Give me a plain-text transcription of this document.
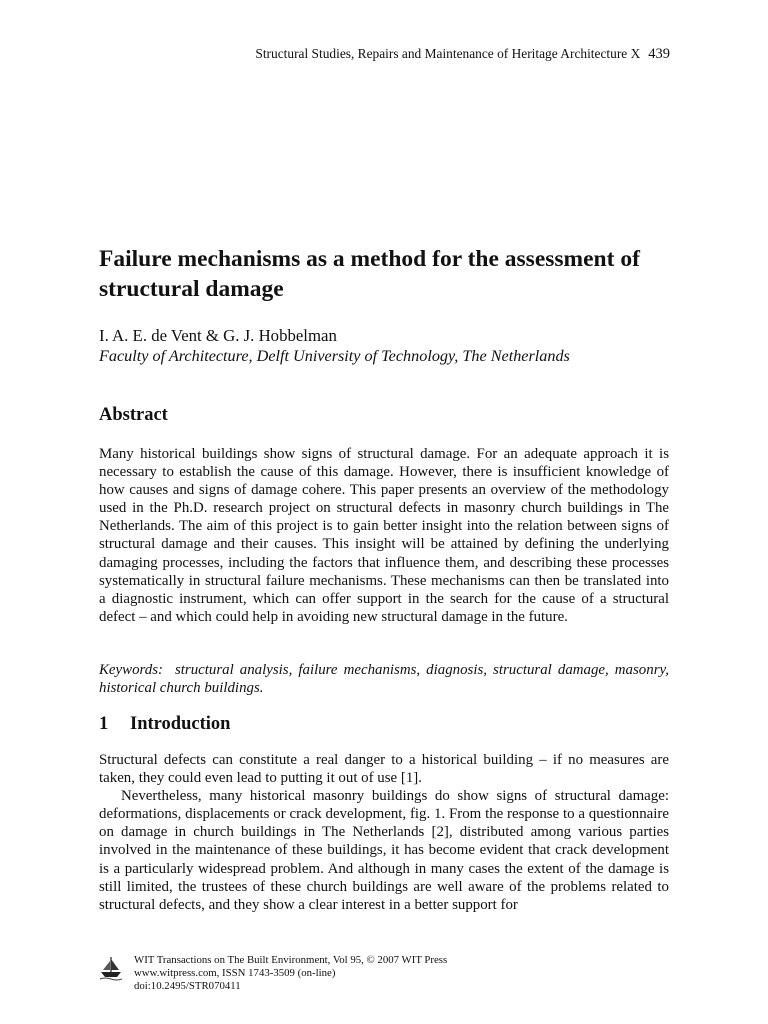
Structural Studies, Repairs and Maintenance of Heritage Architecture X 439
Failure mechanisms as a method for the assessment of structural damage
I. A. E. de Vent & G. J. Hobbelman
Faculty of Architecture, Delft University of Technology, The Netherlands
Abstract

Many historical buildings show signs of structural damage. For an adequate approach it is necessary to establish the cause of this damage. However, there is insufficient knowledge of how causes and signs of damage cohere. This paper presents an overview of the methodology used in the Ph.D. research project on structural defects in masonry church buildings in The Netherlands. The aim of this project is to gain better insight into the relation between signs of structural damage and their causes. This insight will be attained by defining the underlying damaging processes, including the factors that influence them, and describing these processes systematically in structural failure mechanisms. These mechanisms can then be translated into a diagnostic instrument, which can offer support in the search for the cause of a structural defect – and which could help in avoiding new structural damage in the future.

Keywords: structural analysis, failure mechanisms, diagnosis, structural damage, masonry, historical church buildings.

1 Introduction

Structural defects can constitute a real danger to a historical building – if no measures are taken, they could even lead to putting it out of use [1].

Nevertheless, many historical masonry buildings do show signs of structural damage: deformations, displacements or crack development, fig. 1. From the response to a questionnaire on damage in church buildings in The Netherlands [2], distributed among various parties involved in the maintenance of these buildings, it has become evident that crack development is a particularly widespread problem. And although in many cases the extent of the damage is still limited, the trustees of these church buildings are well aware of the problems related to structural defects, and they show a clear interest in a better support for

WIT Transactions on The Built Environment, Vol 95, © 2007 WIT Press
www.witpress.com, ISSN 1743-3509 (on-line)
doi:10.2495/STR070411
